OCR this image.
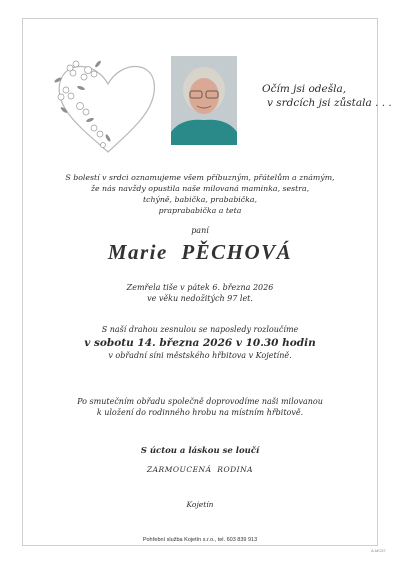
Očím jsi odešla,
v srdcích jsi zůstala . . .
S bolestí v srdci oznamujeme všem příbuzným, přátelům a známým,
že nás navždy opustila naše milovaná maminka, sestra,
tchýně, babička, prababička,
praprababička a teta
paní
Marie  PĚCHOVÁ
Zemřela tiše v pátek 6. března 2026
ve věku nedožitých 97 let.
S naší drahou zesnulou se naposledy rozloučíme
v sobotu 14. března 2026 v 10.30 hodin
v obřadní síni městského hřbitova v Kojetíně.
Po smutečním obřadu společně doprovodíme naši milovanou
k uložení do rodinného hrobu na místním hřbitově.
S úctou a láskou se loučí
ZARMOUCENÁ  RODINA
Kojetín
Pohřební služba Kojetín s.r.o., tel. 603 839 913
A-MC57
